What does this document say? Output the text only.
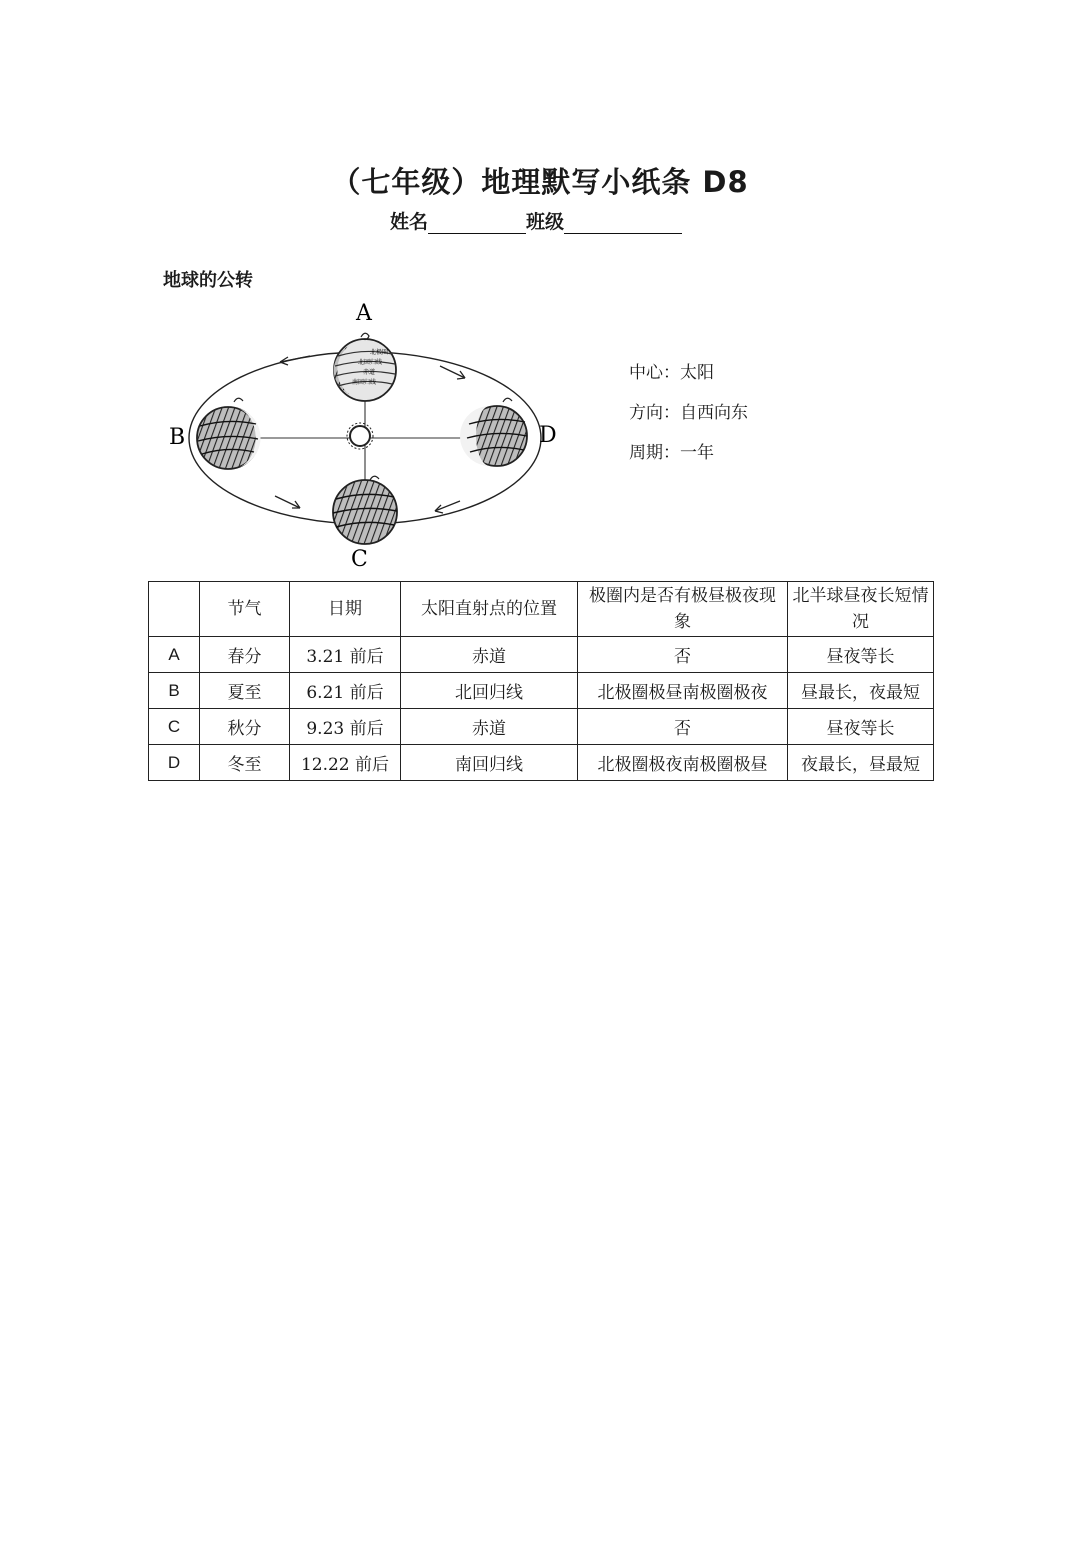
（七年级）地理默写小纸条 D8
姓名	班级
地球的公转
北极圈
北回归线
赤道
南回归线
A
B
C
D
中心：太阳
方向：自西向东
周期：一年
	节气	日期	太阳直射点的位置	极圈内是否有极昼极夜现象	北半球昼夜长短情况
A	春分	3.21 前后	赤道	否	昼夜等长
B	夏至	6.21 前后	北回归线	北极圈极昼南极圈极夜	昼最长，夜最短
C	秋分	9.23 前后	赤道	否	昼夜等长
D	冬至	12.22 前后	南回归线	北极圈极夜南极圈极昼	夜最长，昼最短
